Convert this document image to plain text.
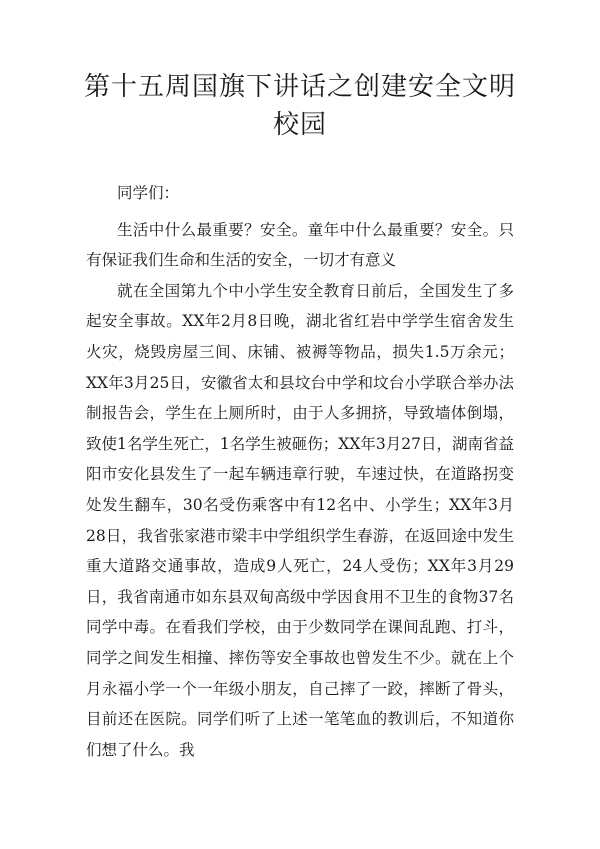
第十五周国旗下讲话之创建安全文明校园

同学们：

生活中什么最重要？安全。童年中什么最重要？安全。只有保证我们生命和生活的安全，一切才有意义

就在全国第九个中小学生安全教育日前后，全国发生了多起安全事故。XX年2月8日晚，湖北省红岩中学学生宿舍发生火灾，烧毁房屋三间、床铺、被褥等物品，损失1.5万余元；XX年3月25日，安徽省太和县坟台中学和坟台小学联合举办法制报告会，学生在上厕所时，由于人多拥挤，导致墙体倒塌，致使1名学生死亡，1名学生被砸伤；XX年3月27日，湖南省益阳市安化县发生了一起车辆违章行驶，车速过快，在道路拐变处发生翻车，30名受伤乘客中有12名中、小学生；XX年3月28日，我省张家港市梁丰中学组织学生春游，在返回途中发生重大道路交通事故，造成9人死亡，24人受伤；XX年3月29日，我省南通市如东县双甸高级中学因食用不卫生的食物37名同学中毒。在看我们学校，由于少数同学在课间乱跑、打斗，同学之间发生相撞、摔伤等安全事故也曾发生不少。就在上个月永福小学一个一年级小朋友，自己摔了一跤，摔断了骨头，目前还在医院。同学们听了上述一笔笔血的教训后，不知道你们想了什么。我
